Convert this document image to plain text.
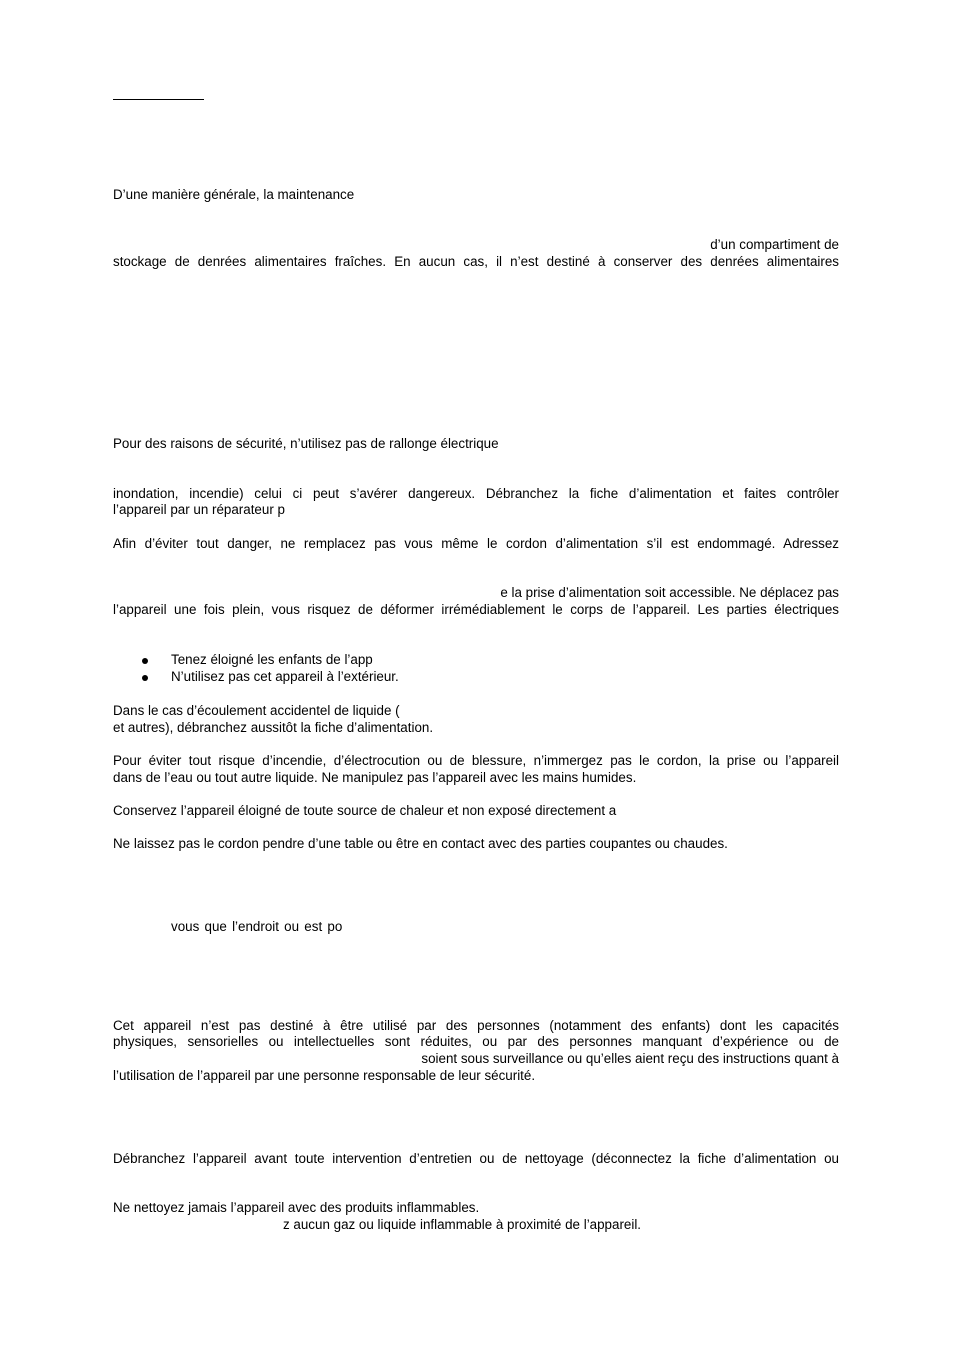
D’une manière générale, la maintenance
d’un compartiment de
stockage de denrées alimentaires fraîches. En aucun cas, il n’est destiné à conserver des denrées alimentaires
Pour des raisons de sécurité, n’utilisez pas de rallonge électrique
inondation, incendie) celui ci peut s’avérer dangereux. Débranchez la fiche d’alimentation et faites contrôler
l’appareil par un réparateur p
Afin d’éviter tout danger, ne remplacez pas vous même le cordon d’alimentation s’il est endommagé. Adressez
e la prise d’alimentation soit accessible. Ne déplacez pas
l’appareil une fois plein, vous risquez de déformer irrémédiablement le corps de l’appareil. Les parties électriques
Tenez éloigné les enfants de l’app
N’utilisez pas cet appareil à l’extérieur.
Dans le cas d’écoulement accidentel de liquide (
et autres), débranchez aussitôt la fiche d’alimentation.
Pour éviter tout risque d’incendie, d’électrocution ou de blessure, n’immergez pas le cordon, la prise ou l’appareil
dans de l’eau ou tout autre liquide. Ne manipulez pas l’appareil avec les mains humides.
Conservez l’appareil éloigné de toute source de chaleur et non exposé directement a
Ne laissez pas le cordon pendre d’une table ou être en contact avec des parties coupantes ou chaudes.
vous que l’endroit ou est po
Cet appareil n’est pas destiné à être utilisé par des personnes (notamment des enfants) dont les capacités
physiques, sensorielles ou intellectuelles sont réduites, ou par des personnes manquant d’expérience ou de
soient sous surveillance ou qu’elles aient reçu des instructions quant à
l’utilisation de l’appareil par une personne responsable de leur sécurité.
Débranchez l’appareil avant toute intervention d’entretien ou de nettoyage (déconnectez la fiche d’alimentation ou
Ne nettoyez jamais l’appareil avec des produits inflammables.
z aucun gaz ou liquide inflammable à proximité de l’appareil.
